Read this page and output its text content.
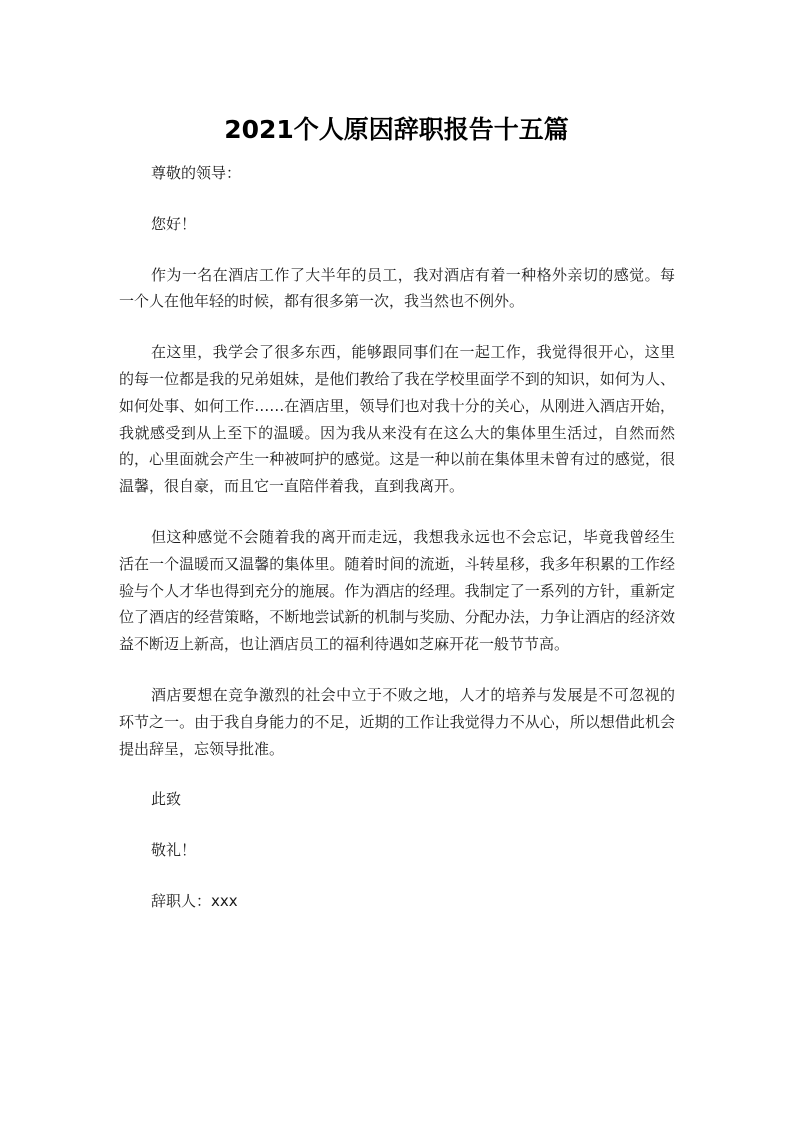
2021个人原因辞职报告十五篇

尊敬的领导：

您好！

作为一名在酒店工作了大半年的员工，我对酒店有着一种格外亲切的感觉。每一个人在他年轻的时候，都有很多第一次，我当然也不例外。

在这里，我学会了很多东西，能够跟同事们在一起工作，我觉得很开心，这里的每一位都是我的兄弟姐妹，是他们教给了我在学校里面学不到的知识，如何为人、如何处事、如何工作……在酒店里，领导们也对我十分的关心，从刚进入酒店开始，我就感受到从上至下的温暖。因为我从来没有在这么大的集体里生活过，自然而然的，心里面就会产生一种被呵护的感觉。这是一种以前在集体里未曾有过的感觉，很温馨，很自豪，而且它一直陪伴着我，直到我离开。

但这种感觉不会随着我的离开而走远，我想我永远也不会忘记，毕竟我曾经生活在一个温暖而又温馨的集体里。随着时间的流逝，斗转星移，我多年积累的工作经验与个人才华也得到充分的施展。作为酒店的经理。我制定了一系列的方针，重新定位了酒店的经营策略，不断地尝试新的机制与奖励、分配办法，力争让酒店的经济效益不断迈上新高，也让酒店员工的福利待遇如芝麻开花一般节节高。

酒店要想在竞争激烈的社会中立于不败之地，人才的培养与发展是不可忽视的环节之一。由于我自身能力的不足，近期的工作让我觉得力不从心，所以想借此机会提出辞呈，忘领导批准。

此致

敬礼！

辞职人：xxx
